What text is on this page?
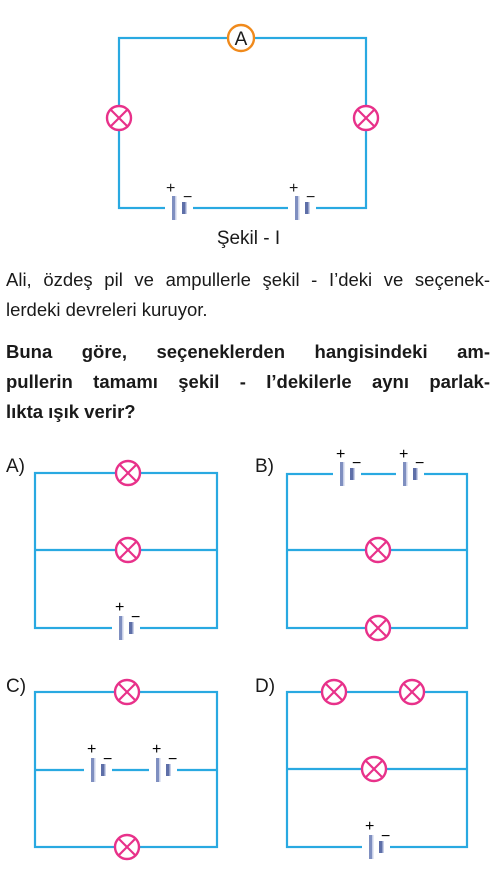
A
+
−
+
−
+
−
+
−
+
−
+
−
+
−
+
−
Şekil - I
Ali, özdeş pil ve ampullerle şekil - I’deki ve seçenek-
lerdeki devreleri kuruyor.
Buna göre, seçeneklerden hangisindeki am-
pullerin tamamı şekil - I’dekilerle aynı parlak-
lıkta ışık verir?
A)	B)
C)	D)
